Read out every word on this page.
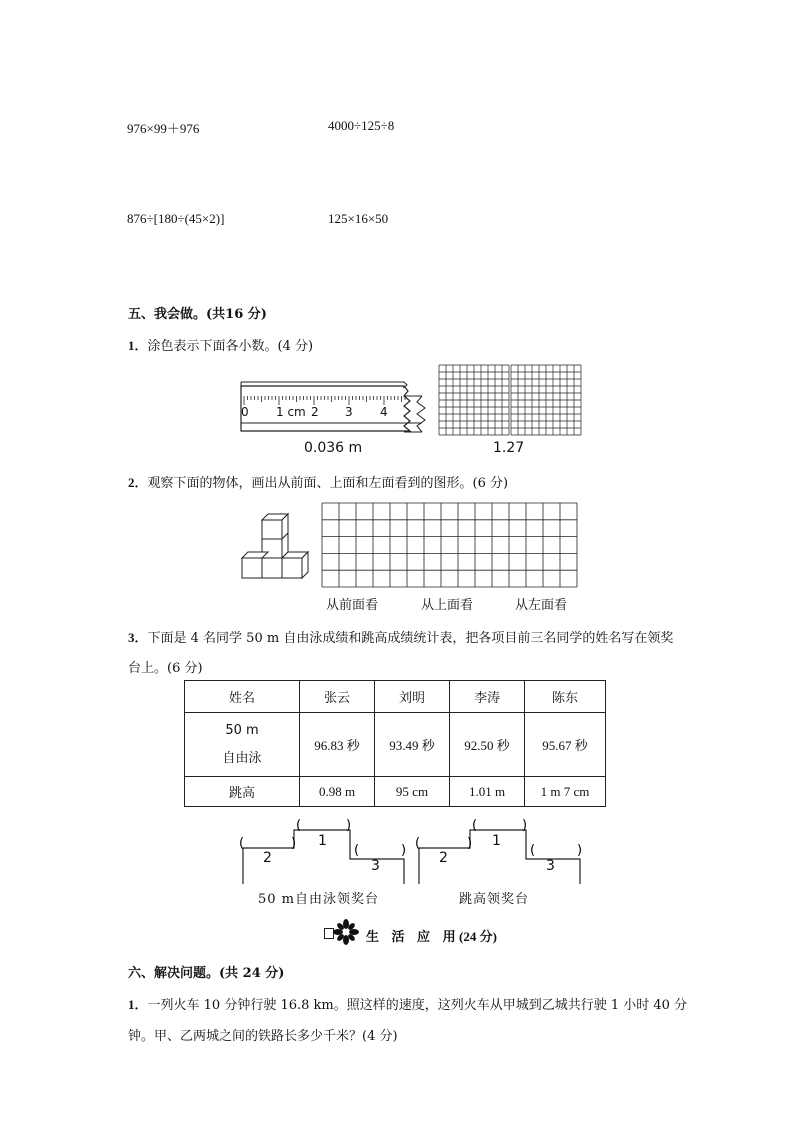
976×99＋976	4000÷125÷8
876÷[180÷(45×2)]	125×16×50
五、我会做。(共16 分)
1．涂色表示下面各小数。(4 分)
0 1 cm 2 3 4
0.036 m	1.27
2．观察下面的物体，画出从前面、上面和左面看到的图形。(6 分)
从前面看	从上面看	从左面看
3．下面是 4 名同学 50 m 自由泳成绩和跳高成绩统计表，把各项目前三名同学的姓名写在领奖
台上。(6 分)
姓名	张云	刘明	李涛	陈东

50 m
自由泳	96.83 秒	93.49 秒	92.50 秒	95.67 秒
跳高	0.98 m	95 cm	1.01 m	1 m 7 cm
(	)
(	)	(	)
1
2	3
50 m自由泳领奖台
(	)
(	)	(	)
1
2	3
跳高领奖台
生 活 应 用 (24 分)
六、解决问题。(共 24 分)
1．一列火车 10 分钟行驶 16.8 km。照这样的速度，这列火车从甲城到乙城共行驶 1 小时 40 分
钟。甲、乙两城之间的铁路长多少千米？(4 分)
